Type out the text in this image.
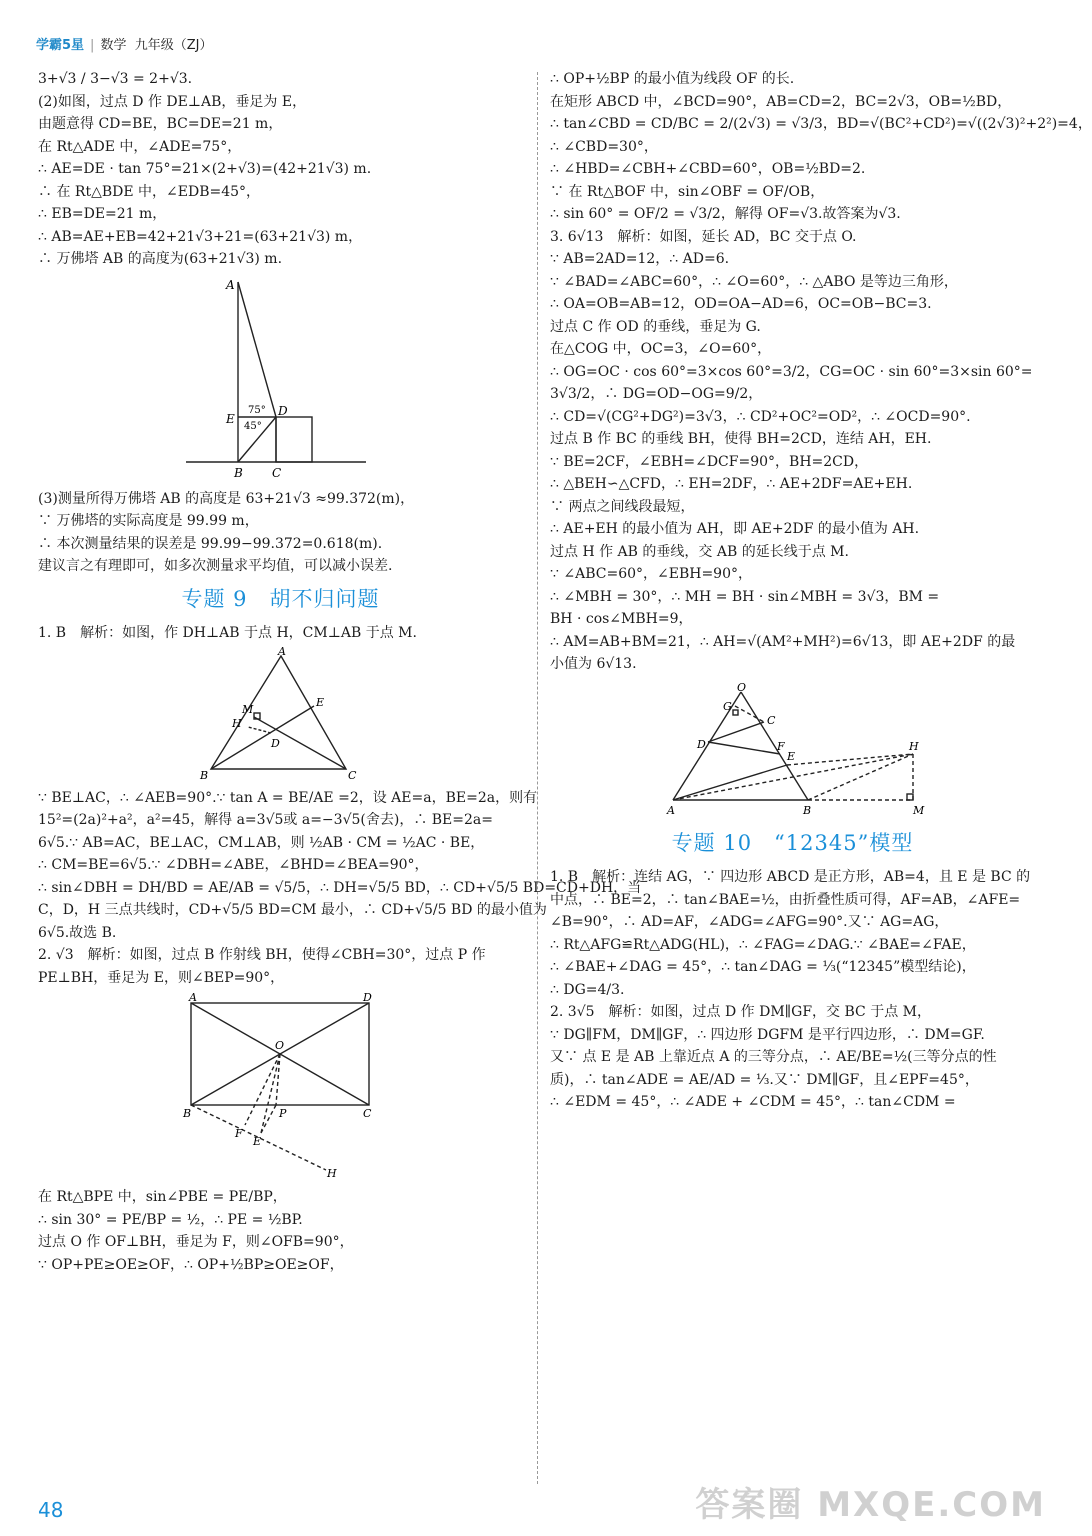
学霸5星 | 数学 九年级（ZJ）

3+√3 / 3−√3 = 2+√3.

(2)如图，过点 D 作 DE⊥AB，垂足为 E，

由题意得 CD=BE，BC=DE=21 m，

在 Rt△ADE 中，∠ADE=75°，

∴ AE=DE · tan 75°=21×(2+√3)=(42+21√3) m.

∴ 在 Rt△BDE 中，∠EDB=45°，

∴ EB=DE=21 m，

∴ AB=AE+EB=42+21√3+21=(63+21√3) m，

∴ 万佛塔 AB 的高度为(63+21√3) m.

A
E
B C
D
75°
45°

(3)测量所得万佛塔 AB 的高度是 63+21√3 ≈99.372(m)，

∵ 万佛塔的实际高度是 99.99 m，

∴ 本次测量结果的误差是 99.99−99.372=0.618(m).

建议言之有理即可，如多次测量求平均值，可以减小误差.

专题 9　胡不归问题

1. B　解析：如图，作 DH⊥AB 于点 H，CM⊥AB 于点 M.

A
M
H
E
D
B	C

∵ BE⊥AC，∴ ∠AEB=90°.∵ tan A = BE/AE =2，设 AE=a，BE=2a，则有

15²=(2a)²+a²，a²=45，解得 a=3√5或 a=−3√5(舍去)，∴ BE=2a=

6√5.∵ AB=AC，BE⊥AC，CM⊥AB，则 ½AB · CM = ½AC · BE，

∴ CM=BE=6√5.∵ ∠DBH=∠ABE，∠BHD=∠BEA=90°，

∴ sin∠DBH = DH/BD = AE/AB = √5/5，∴ DH=√5/5 BD，∴ CD+√5/5 BD=CD+DH，当

C，D，H 三点共线时，CD+√5/5 BD=CM 最小，∴ CD+√5/5 BD 的最小值为

6√5.故选 B.

2. √3　解析：如图，过点 B 作射线 BH，使得∠CBH=30°，过点 P 作

PE⊥BH，垂足为 E，则∠BEP=90°，

A	D
O
B	P	C
F
E
H

在 Rt△BPE 中，sin∠PBE = PE/BP，

∴ sin 30° = PE/BP = ½，∴ PE = ½BP.

过点 O 作 OF⊥BH，垂足为 F，则∠OFB=90°，

∵ OP+PE≥OE≥OF，∴ OP+½BP≥OE≥OF，

∴ OP+½BP 的最小值为线段 OF 的长.

在矩形 ABCD 中，∠BCD=90°，AB=CD=2，BC=2√3，OB=½BD，

∴ tan∠CBD = CD/BC = 2/(2√3) = √3/3，BD=√(BC²+CD²)=√((2√3)²+2²)=4，

∴ ∠CBD=30°，

∴ ∠HBD=∠CBH+∠CBD=60°，OB=½BD=2.

∵ 在 Rt△BOF 中，sin∠OBF = OF/OB，

∴ sin 60° = OF/2 = √3/2，解得 OF=√3.故答案为√3.

3. 6√13　解析：如图，延长 AD，BC 交于点 O.

∵ AB=2AD=12，∴ AD=6.

∵ ∠BAD=∠ABC=60°，∴ ∠O=60°，∴ △ABO 是等边三角形，

∴ OA=OB=AB=12，OD=OA−AD=6，OC=OB−BC=3.

过点 C 作 OD 的垂线，垂足为 G.

在△COG 中，OC=3，∠O=60°，

∴ OG=OC · cos 60°=3×cos 60°=3/2，CG=OC · sin 60°=3×sin 60°=

3√3/2，∴ DG=OD−OG=9/2，

∴ CD=√(CG²+DG²)=3√3，∴ CD²+OC²=OD²，∴ ∠OCD=90°.

过点 B 作 BC 的垂线 BH，使得 BH=2CD，连结 AH，EH.

∵ BE=2CF，∠EBH=∠DCF=90°，BH=2CD，

∴ △BEH∽△CFD，∴ EH=2DF，∴ AE+2DF=AE+EH.

∵ 两点之间线段最短，

∴ AE+EH 的最小值为 AH，即 AE+2DF 的最小值为 AH.

过点 H 作 AB 的垂线，交 AB 的延长线于点 M.

∵ ∠ABC=60°，∠EBH=90°，

∴ ∠MBH = 30°，∴ MH = BH · sin∠MBH = 3√3，BM =

BH · cos∠MBH=9，

∴ AM=AB+BM=21，∴ AH=√(AM²+MH²)=6√13，即 AE+2DF 的最

小值为 6√13.

O
G
C
D	F
E
H
A	B	M

专题 10　“12345”模型

1. B　解析：连结 AG，∵ 四边形 ABCD 是正方形，AB=4，且 E 是 BC 的

中点，∴ BE=2，∴ tan∠BAE=½，由折叠性质可得，AF=AB，∠AFE=

∠B=90°，∴ AD=AF，∠ADG=∠AFG=90°.又∵ AG=AG，

∴ Rt△AFG≌Rt△ADG(HL)，∴ ∠FAG=∠DAG.∵ ∠BAE=∠FAE，

∴ ∠BAE+∠DAG = 45°，∴ tan∠DAG = ⅓(“12345”模型结论)，

∴ DG=4/3.

2. 3√5　解析：如图，过点 D 作 DM∥GF，交 BC 于点 M，

∵ DG∥FM，DM∥GF，∴ 四边形 DGFM 是平行四边形，∴ DM=GF.

又∵ 点 E 是 AB 上靠近点 A 的三等分点，∴ AE/BE=½(三等分点的性

质)，∴ tan∠ADE = AE/AD = ⅓.又∵ DM∥GF，且∠EPF=45°，

∴ ∠EDM = 45°，∴ ∠ADE + ∠CDM = 45°，∴ tan∠CDM =

48	答案圈 MXQE.COM
